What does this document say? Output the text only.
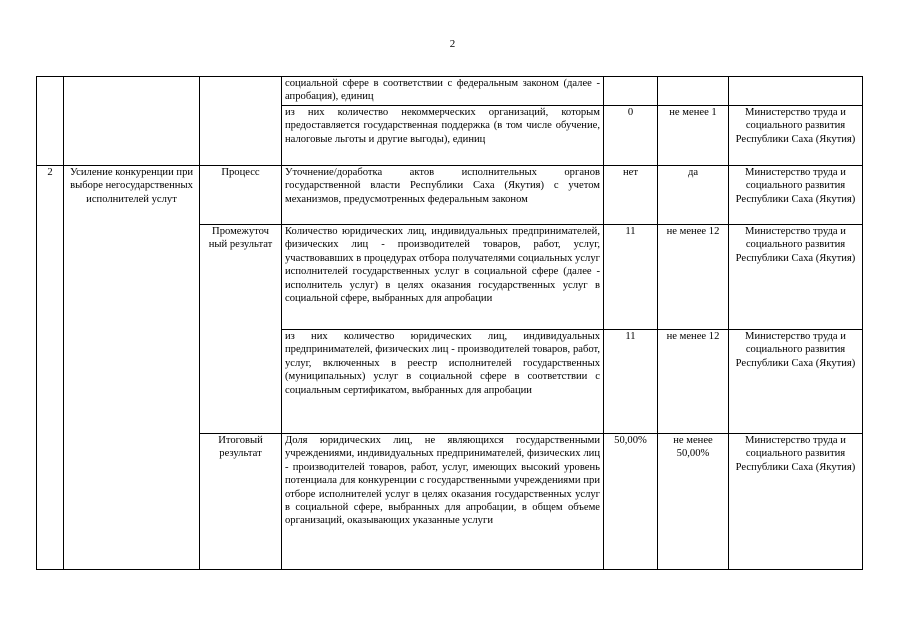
2
			социальной сфере в соответствии с федеральным законом (далее - апробация), единиц			
			из них количество некоммерческих организаций, которым предоставляется государственная поддержка (в том числе обучение, налоговые льготы и другие выгоды), единиц	0	не менее 1	Министерство труда и социального развития Республики Саха (Якутия)
2	Усиление конкуренции при выборе негосударственных исполнителей услут	Процесс	Уточнение/доработка актов исполнительных органов государственной власти Республики Саха (Якутия) с учетом механизмов, предусмотренных федеральным законом	нет	да	Министерство труда и социального развития Республики Саха (Якутия)
		Промежуточ ный результат	Количество юридических лиц, индивидуальных предпринимателей, физических лиц - производителей товаров, работ, услуг, участвовавших в процедурах отбора получателями социальных услуг исполнителей государственных услуг в социальной сфере (далее - исполнитель услуг) в целях оказания государственных услуг в социальной сфере, выбранных для апробации	11	не менее 12	Министерство труда и социального развития Республики Саха (Якутия)
			из них количество юридических лиц, индивидуальных предпринимателей, физических лиц - производителей товаров, работ, услуг, включенных в реестр исполнителей государственных (муниципальных) услуг в социальной сфере в соответствии с социальным сертификатом, выбранных для апробации	11	не менее 12	Министерство труда и социального развития Республики Саха (Якутия)
		Итоговый результат	Доля юридических лиц, не являющихся государственными учреждениями, индивидуальных предпринимателей, физических лиц - производителей товаров, работ, услуг, имеющих высокий уровень потенциала для конкуренции с государственными учреждениями при отборе исполнителей услуг в целях оказания государственных услуг в социальной сфере, выбранных для апробации, в общем объеме организаций, оказывающих указанные услуги	50,00%	не менее 50,00%	Министерство труда и социального развития Республики Саха (Якутия)
